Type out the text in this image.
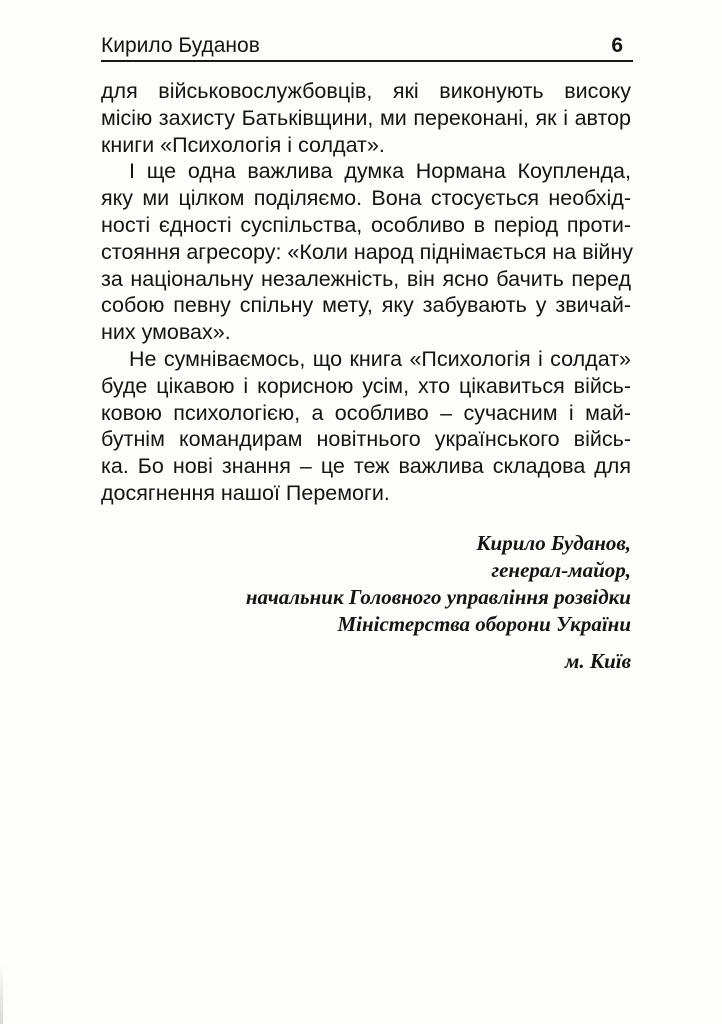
Кирило Буданов	6
для військовослужбовців, які виконують високу
місію захисту Батьківщини, ми переконані, як і автор
книги «Психологія і солдат».
І ще одна важлива думка Нормана Коупленда,
яку ми цілком поділяємо. Вона стосується необхід-
ності єдності суспільства, особливо в період проти-
стояння агресору: «Коли народ піднімається на війну
за національну незалежність, він ясно бачить перед
собою певну спільну мету, яку забувають у звичай-
них умовах».
Не сумніваємось, що книга «Психологія і солдат»
буде цікавою і корисною усім, хто цікавиться війсь-
ковою психологією, а особливо – сучасним і май-
бутнім командирам новітнього українського війсь-
ка. Бо нові знання – це теж важлива складова для
досягнення нашої Перемоги.
Кирило Буданов,
генерал-майор,
начальник Головного управління розвідки
Міністерства оборони України
м. Київ
